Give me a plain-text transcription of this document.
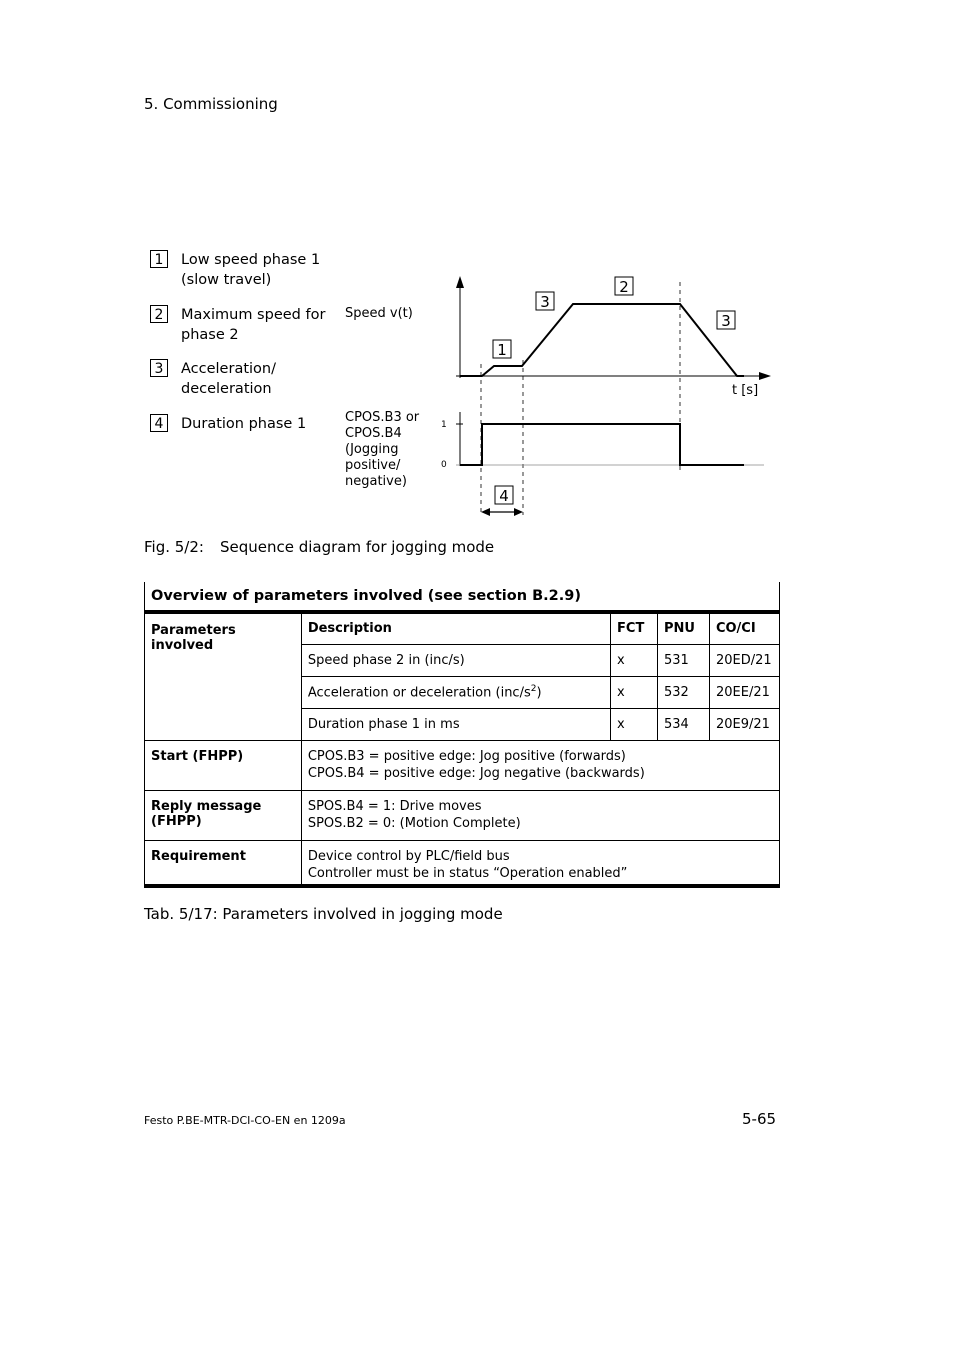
5. Commissioning
1	Low speed phase 1
(slow travel)
2	Maximum speed for
phase 2
3	Acceleration/
deceleration
4	Duration phase 1
Speed v(t)
CPOS.B3 or
CPOS.B4
(Jogging
positive/
negative)
1
3
2
3
4
t [s]
1
0
Fig. 5/2: Sequence diagram for jogging mode
Overview of parameters involved (see section B.2.9)				
Parameters involved	Description	FCT	PNU	CO/CI
	Speed phase 2 in (inc/s)	x	531	20ED/21
	Acceleration or deceleration $(inc/s^2)$	x	532	20EE/21
	Duration phase 1 in ms	x	534	20E9/21
Start (FHPP)	CPOS.B3 = positive edge: Jog positive (forwards)
CPOS.B4 = positive edge: Jog negative (backwards)			

Reply message (FHPP)	SPOS.B4 = 1: Drive moves
SPOS.B2 = 0: (Motion Complete)			

Requirement	Device control by PLC/field bus
Controller must be in status “Operation enabled”			
Tab. 5/17: Parameters involved in jogging mode
Festo P.BE-MTR-DCI-CO-EN en 1209a	5-65
